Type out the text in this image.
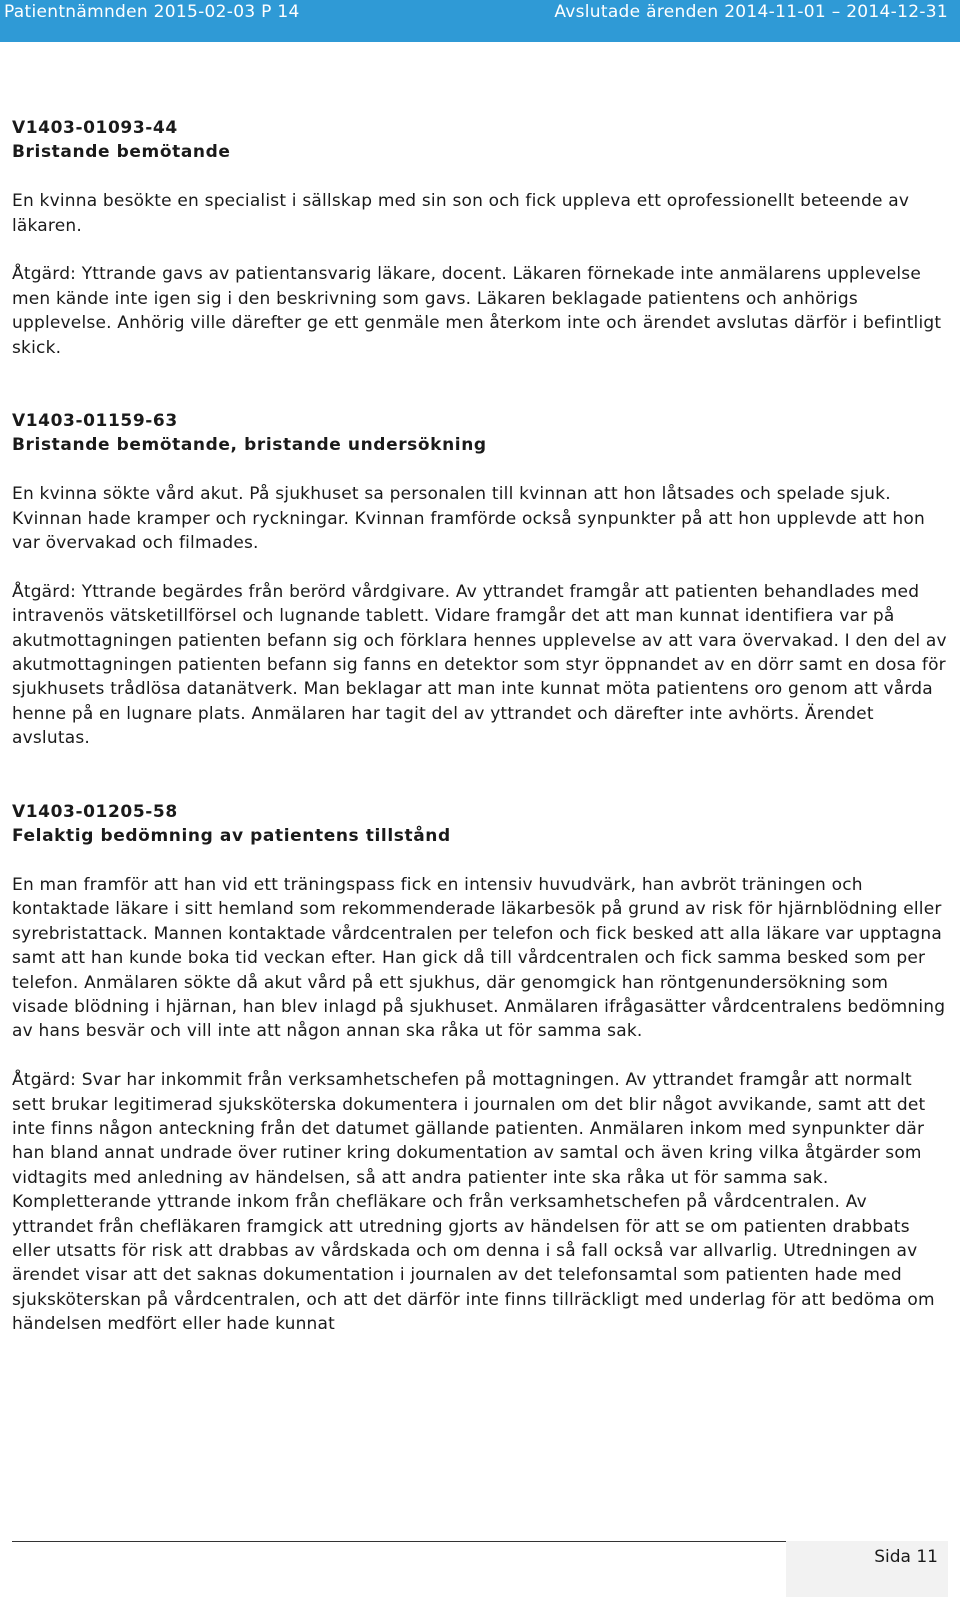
Patientnämnden 2015-02-03 P 14	Avslutade ärenden 2014-11-01 – 2014-12-31
V1403-01093-44
Bristande bemötande
En kvinna besökte en specialist i sällskap med sin son och fick uppleva ett oprofessionellt beteende av läkaren.
Åtgärd: Yttrande gavs av patientansvarig läkare, docent. Läkaren förnekade inte anmälarens upplevelse men kände inte igen sig i den beskrivning som gavs. Läkaren beklagade patientens och anhörigs upplevelse. Anhörig ville därefter ge ett genmäle men återkom inte och ärendet avslutas därför i befintligt skick.
V1403-01159-63
Bristande bemötande, bristande undersökning
En kvinna sökte vård akut. På sjukhuset sa personalen till kvinnan att hon låtsades och spelade sjuk. Kvinnan hade kramper och ryckningar. Kvinnan framförde också synpunkter på att hon upplevde att hon var övervakad och filmades.
Åtgärd: Yttrande begärdes från berörd vårdgivare. Av yttrandet framgår att patienten behandlades med intravenös vätsketillförsel och lugnande tablett. Vidare framgår det att man kunnat identifiera var på akutmottagningen patienten befann sig och förklara hennes upplevelse av att vara övervakad. I den del av akutmottagningen patienten befann sig fanns en detektor som styr öppnandet av en dörr samt en dosa för sjukhusets trådlösa datanätverk. Man beklagar att man inte kunnat möta patientens oro genom att vårda henne på en lugnare plats. Anmälaren har tagit del av yttrandet och därefter inte avhörts. Ärendet avslutas.
V1403-01205-58
Felaktig bedömning av patientens tillstånd
En man framför att han vid ett träningspass fick en intensiv huvudvärk, han avbröt träningen och kontaktade läkare i sitt hemland som rekommenderade läkarbesök på grund av risk för hjärnblödning eller syrebristattack. Mannen kontaktade vårdcentralen per telefon och fick besked att alla läkare var upptagna samt att han kunde boka tid veckan efter. Han gick då till vårdcentralen och fick samma besked som per telefon. Anmälaren sökte då akut vård på ett sjukhus, där genomgick han röntgenundersökning som visade blödning i hjärnan, han blev inlagd på sjukhuset. Anmälaren ifrågasätter vårdcentralens bedömning av hans besvär och vill inte att någon annan ska råka ut för samma sak.
Åtgärd: Svar har inkommit från verksamhetschefen på mottagningen. Av yttrandet framgår att normalt sett brukar legitimerad sjuksköterska dokumentera i journalen om det blir något avvikande, samt att det inte finns någon anteckning från det datumet gällande patienten. Anmälaren inkom med synpunkter där han bland annat undrade över rutiner kring dokumentation av samtal och även kring vilka åtgärder som vidtagits med anledning av händelsen, så att andra patienter inte ska råka ut för samma sak. Kompletterande yttrande inkom från chefläkare och från verksamhetschefen på vårdcentralen. Av yttrandet från chefläkaren framgick att utredning gjorts av händelsen för att se om patienten drabbats eller utsatts för risk att drabbas av vårdskada och om denna i så fall också var allvarlig. Utredningen av ärendet visar att det saknas dokumentation i journalen av det telefonsamtal som patienten hade med sjuksköterskan på vårdcentralen, och att det därför inte finns tillräckligt med underlag för att bedöma om händelsen medfört eller hade kunnat
Sida 11
